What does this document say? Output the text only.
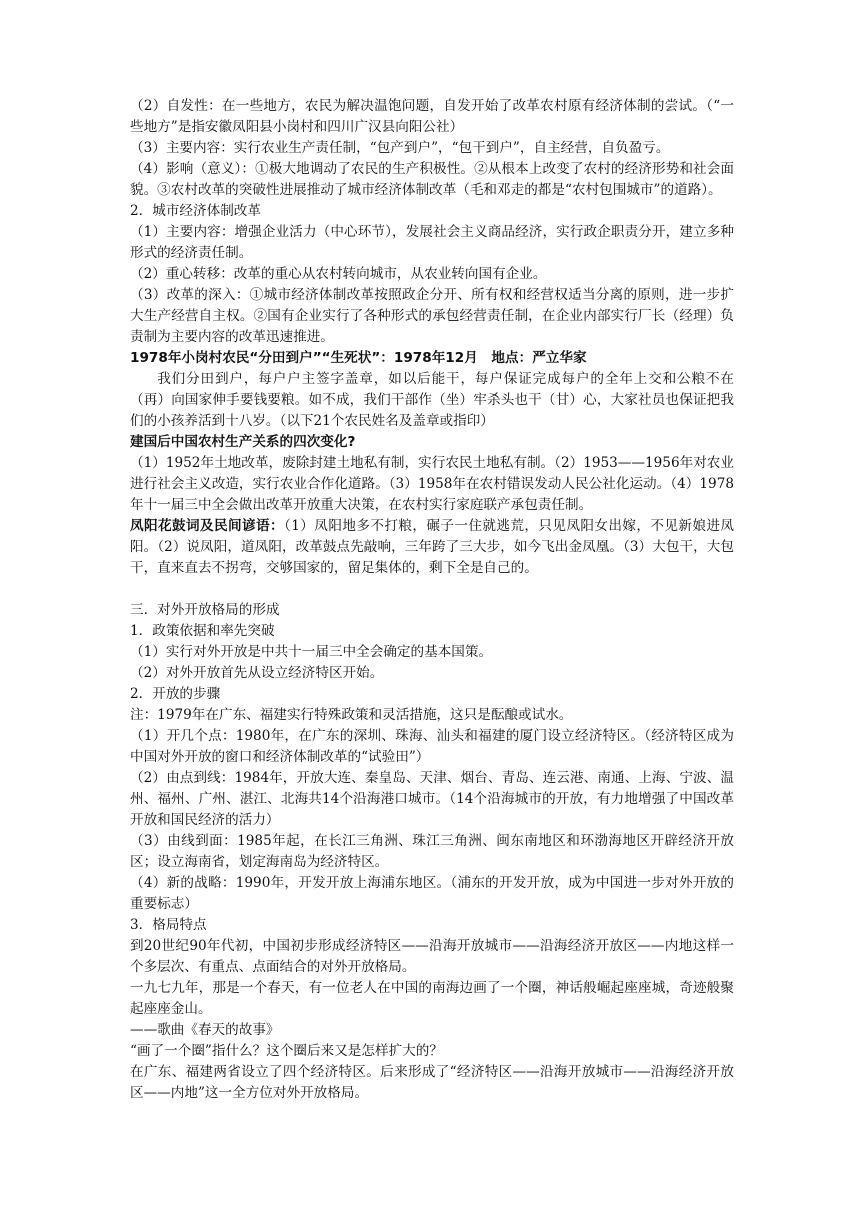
（2）自发性：在一些地方，农民为解决温饱问题，自发开始了改革农村原有经济体制的尝试。（“一些地方”是指安徽凤阳县小岗村和四川广汉县向阳公社）

（3）主要内容：实行农业生产责任制，“包产到户”，“包干到户”，自主经营，自负盈亏。

（4）影响（意义）：①极大地调动了农民的生产积极性。②从根本上改变了农村的经济形势和社会面貌。③农村改革的突破性进展推动了城市经济体制改革（毛和邓走的都是“农村包围城市”的道路）。

2．城市经济体制改革

（1）主要内容：增强企业活力（中心环节），发展社会主义商品经济，实行政企职责分开，建立多种形式的经济责任制。

（2）重心转移：改革的重心从农村转向城市，从农业转向国有企业。

（3）改革的深入：①城市经济体制改革按照政企分开、所有权和经营权适当分离的原则，进一步扩大生产经营自主权。②国有企业实行了各种形式的承包经营责任制，在企业内部实行厂长（经理）负责制为主要内容的改革迅速推进。

1978年小岗村农民“分田到户”“生死状”：1978年12月　地点：严立华家

我们分田到户，每户户主签字盖章，如以后能干，每户保证完成每户的全年上交和公粮不在（再）向国家伸手要钱要粮。如不成，我们干部作（坐）牢杀头也干（甘）心，大家社员也保证把我们的小孩养活到十八岁。（以下21个农民姓名及盖章或指印）

建国后中国农村生产关系的四次变化?

（1）1952年土地改革，废除封建土地私有制，实行农民土地私有制。（2）1953——1956年对农业进行社会主义改造，实行农业合作化道路。（3）1958年在农村错误发动人民公社化运动。（4）1978年十一届三中全会做出改革开放重大决策，在农村实行家庭联产承包责任制。

凤阳花鼓词及民间谚语：（1）凤阳地多不打粮，碾子一住就逃荒，只见凤阳女出嫁，不见新娘进凤阳。（2）说凤阳，道凤阳，改革鼓点先敲响，三年跨了三大步，如今飞出金凤凰。（3）大包干，大包干，直来直去不拐弯，交够国家的，留足集体的，剩下全是自己的。

三．对外开放格局的形成

1．政策依据和率先突破

（1）实行对外开放是中共十一届三中全会确定的基本国策。

（2）对外开放首先从设立经济特区开始。

2．开放的步骤

注：1979年在广东、福建实行特殊政策和灵活措施，这只是酝酿或试水。

（1）开几个点：1980年，在广东的深圳、珠海、汕头和福建的厦门设立经济特区。（经济特区成为中国对外开放的窗口和经济体制改革的“试验田”）

（2）由点到线：1984年，开放大连、秦皇岛、天津、烟台、青岛、连云港、南通、上海、宁波、温州、福州、广州、湛江、北海共14个沿海港口城市。（14个沿海城市的开放，有力地增强了中国改革开放和国民经济的活力）

（3）由线到面：1985年起，在长江三角洲、珠江三角洲、闽东南地区和环渤海地区开辟经济开放区；设立海南省，划定海南岛为经济特区。

（4）新的战略：1990年，开发开放上海浦东地区。（浦东的开发开放，成为中国进一步对外开放的重要标志）

3．格局特点

到20世纪90年代初，中国初步形成经济特区——沿海开放城市——沿海经济开放区——内地这样一个多层次、有重点、点面结合的对外开放格局。

一九七九年，那是一个春天，有一位老人在中国的南海边画了一个圈，神话般崛起座座城，奇迹般聚起座座金山。

——歌曲《春天的故事》

“画了一个圈”指什么？这个圈后来又是怎样扩大的？

在广东、福建两省设立了四个经济特区。后来形成了“经济特区——沿海开放城市——沿海经济开放区——内地”这一全方位对外开放格局。
